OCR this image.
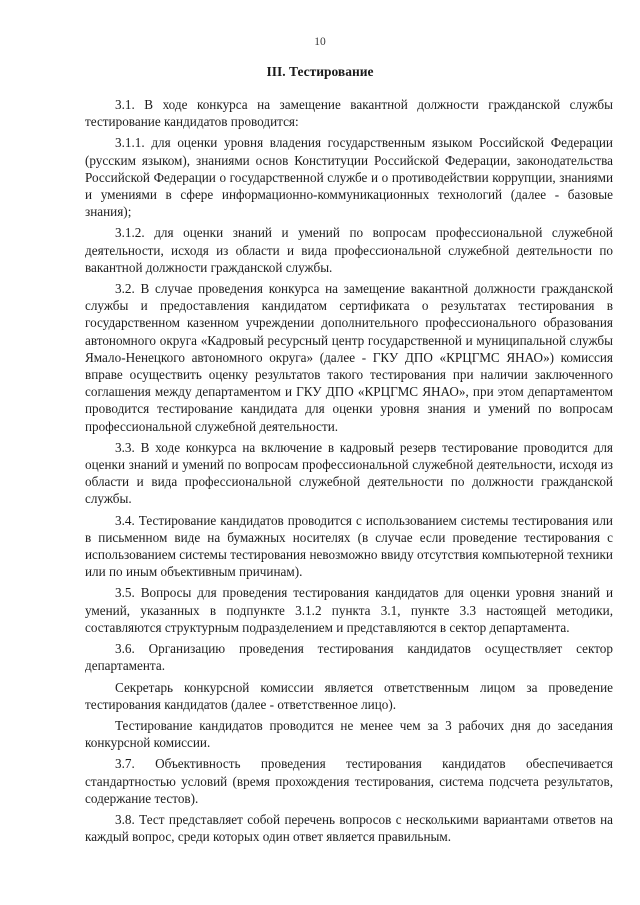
10
III. Тестирование

3.1. В ходе конкурса на замещение вакантной должности гражданской службы тестирование кандидатов проводится:

3.1.1. для оценки уровня владения государственным языком Российской Федерации (русским языком), знаниями основ Конституции Российской Федерации, законодательства Российской Федерации о государственной службе и о противодействии коррупции, знаниями и умениями в сфере информационно-коммуникационных технологий (далее - базовые знания);

3.1.2. для оценки знаний и умений по вопросам профессиональной служебной деятельности, исходя из области и вида профессиональной служебной деятельности по вакантной должности гражданской службы.

3.2. В случае проведения конкурса на замещение вакантной должности гражданской службы и предоставления кандидатом сертификата о результатах тестирования в государственном казенном учреждении дополнительного профессионального образования автономного округа «Кадровый ресурсный центр государственной и муниципальной службы Ямало-Ненецкого автономного округа» (далее - ГКУ ДПО «КРЦГМС ЯНАО») комиссия вправе осуществить оценку результатов такого тестирования при наличии заключенного соглашения между департаментом и ГКУ ДПО «КРЦГМС ЯНАО», при этом департаментом проводится тестирование кандидата для оценки уровня знания и умений по вопросам профессиональной служебной деятельности.

3.3. В ходе конкурса на включение в кадровый резерв тестирование проводится для оценки знаний и умений по вопросам профессиональной служебной деятельности, исходя из области и вида профессиональной служебной деятельности по должности гражданской службы.

3.4. Тестирование кандидатов проводится с использованием системы тестирования или в письменном виде на бумажных носителях (в случае если проведение тестирования с использованием системы тестирования невозможно ввиду отсутствия компьютерной техники или по иным объективным причинам).

3.5. Вопросы для проведения тестирования кандидатов для оценки уровня знаний и умений, указанных в подпункте 3.1.2 пункта 3.1, пункте 3.3 настоящей методики, составляются структурным подразделением и представляются в сектор департамента.

3.6. Организацию проведения тестирования кандидатов осуществляет сектор департамента.

Секретарь конкурсной комиссии является ответственным лицом за проведение тестирования кандидатов (далее - ответственное лицо).

Тестирование кандидатов проводится не менее чем за 3 рабочих дня до заседания конкурсной комиссии.

3.7. Объективность проведения тестирования кандидатов обеспечивается стандартностью условий (время прохождения тестирования, система подсчета результатов, содержание тестов).

3.8. Тест представляет собой перечень вопросов с несколькими вариантами ответов на каждый вопрос, среди которых один ответ является правильным.
